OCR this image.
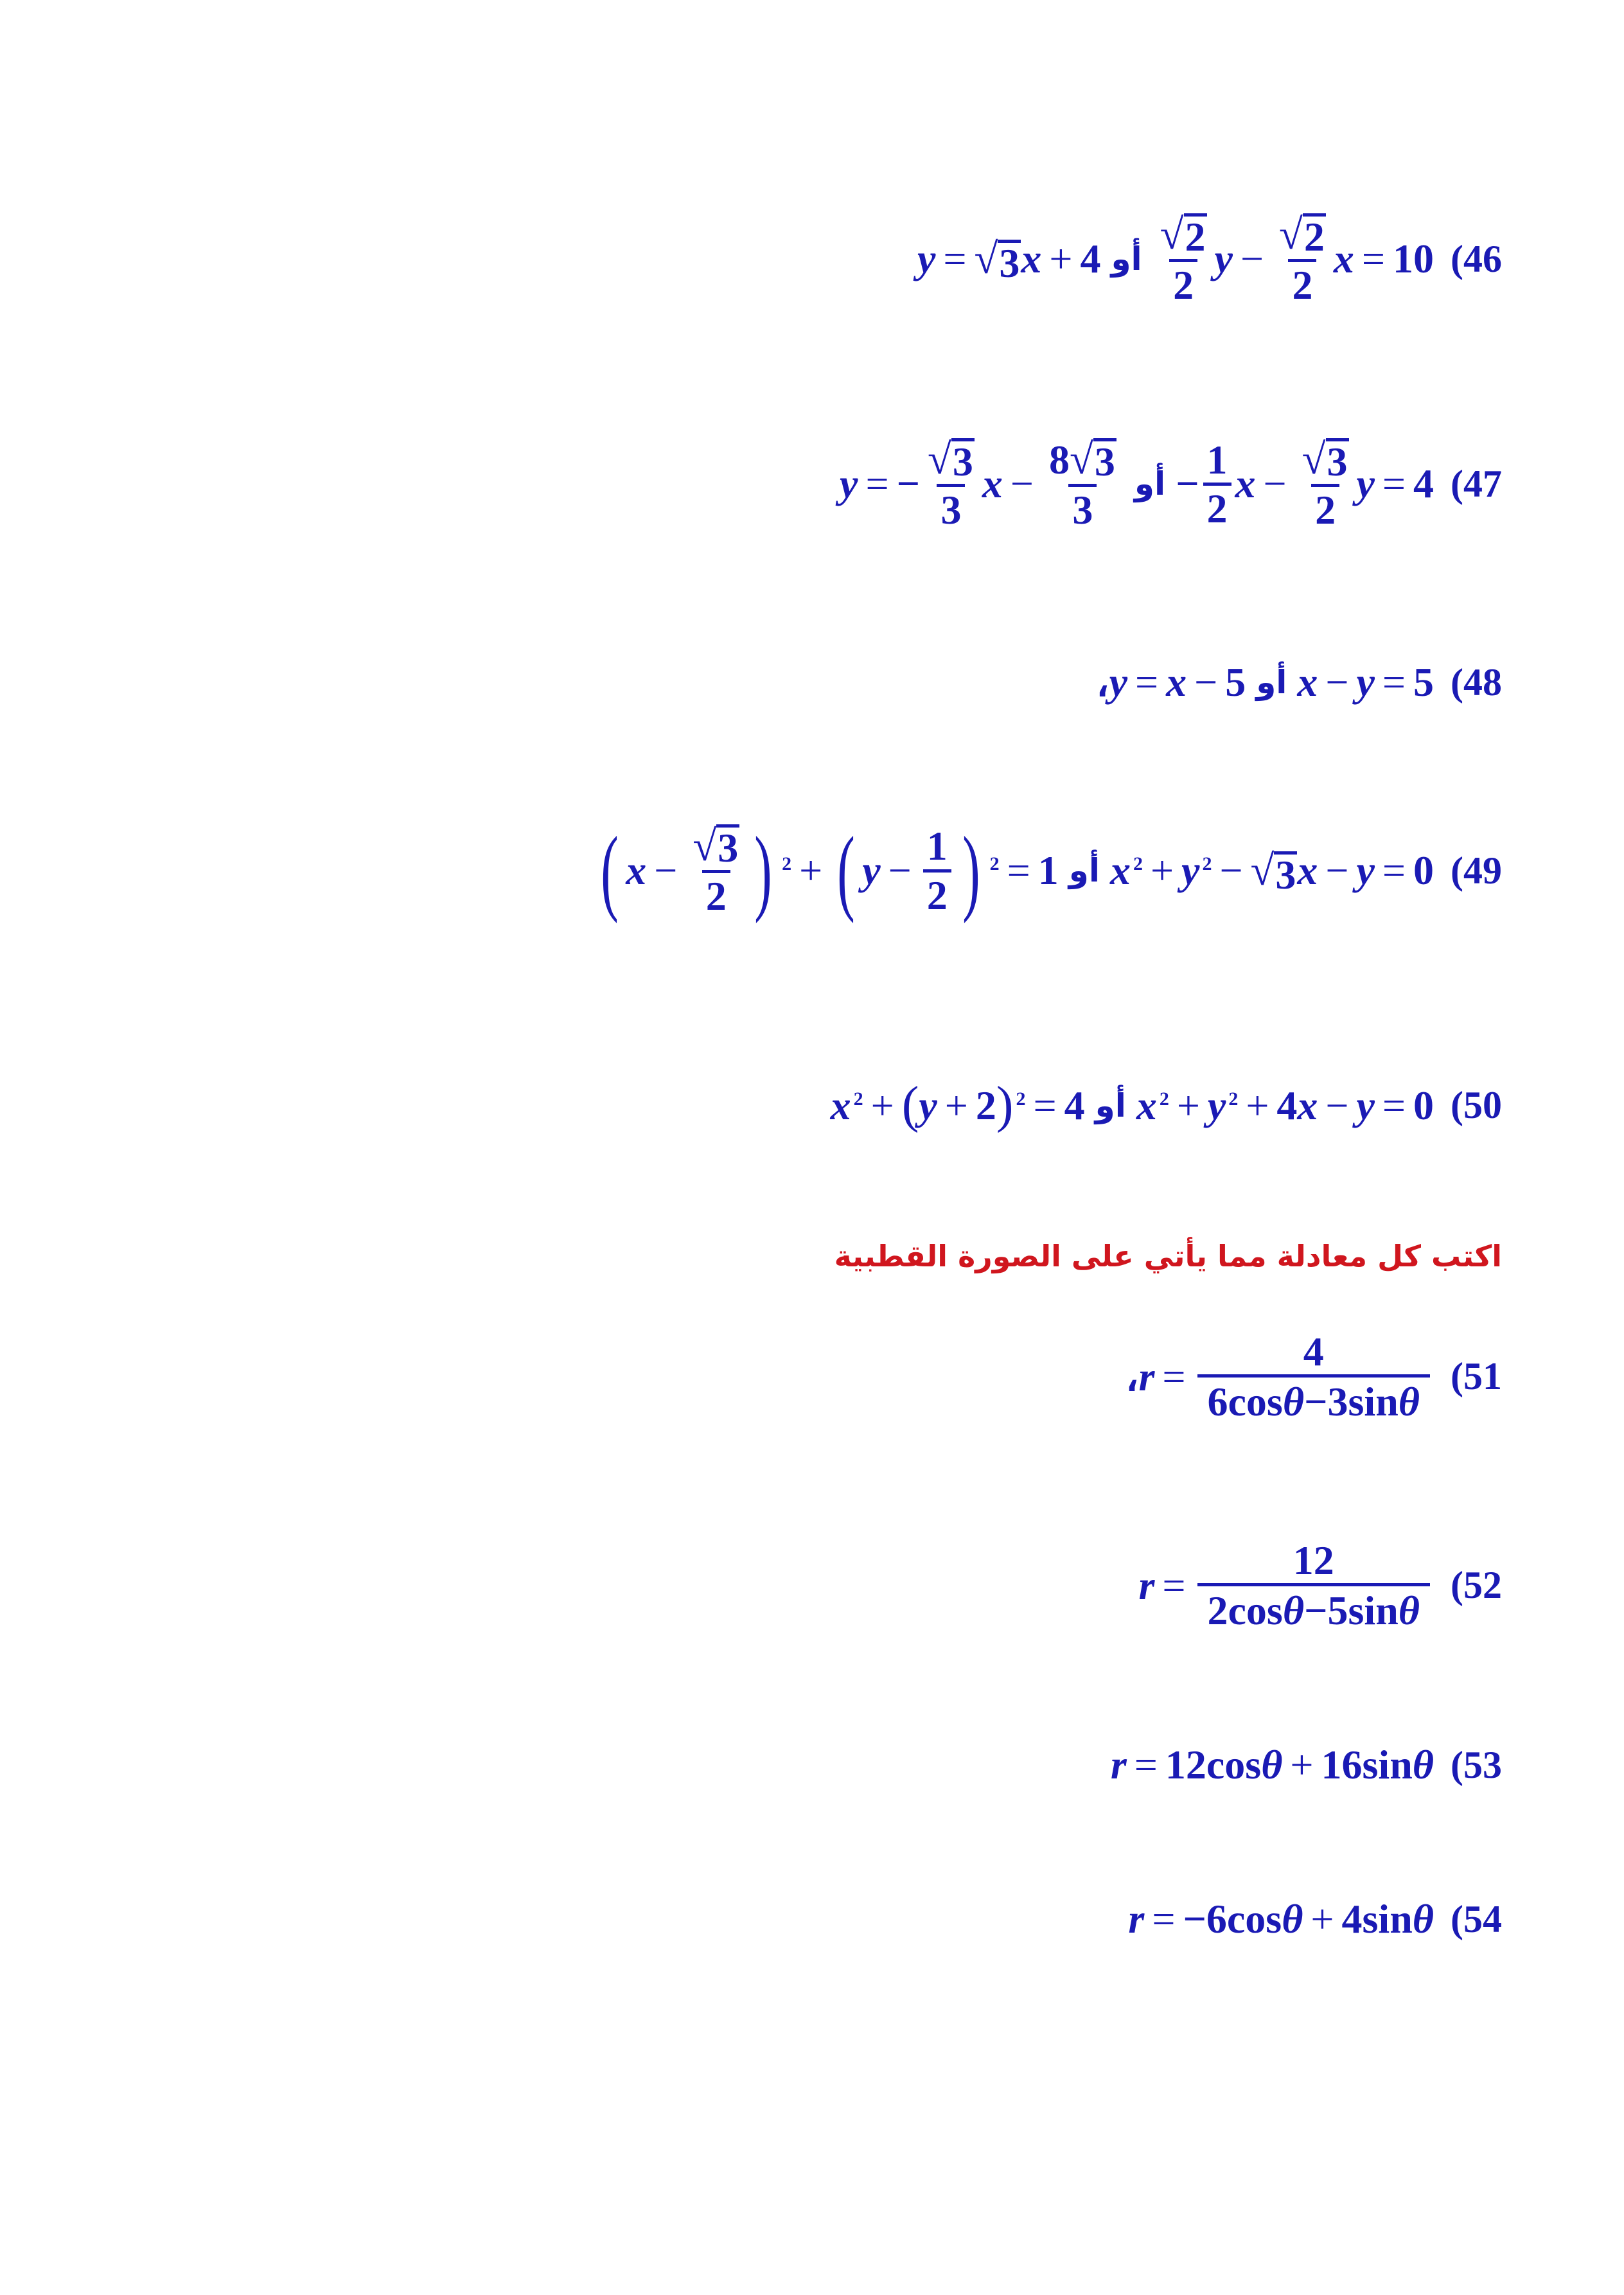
y = √ 3 x + 4 أو $\frac{√ 2}{2}$ $y - \frac{√ 2}{2}$ x = 10 (46
y = − $\frac{√ 3}{3}$ $x - \frac{8 √ 3}{3}$ أو − $\frac{1}{2}$ $x - \frac{√ 3}{2}$ y = 4 (47
، y = x − 5 أو x − y = 5 (48
( $x - \frac{√ 3}{2}$ ) $^2$ + ( $y - \frac{1}{2}$ ) $^2$ = 1 أو $x^2 + y^2$ − √ 3 x − y = 0 (49
$x^2$ + ( y + 2 )$^2$ = 4 أو $x^2 + y^2 + 4$ x − y = 0 (50
اكتب كل معادلة مما يأتي على الصورة القطبية
، $r = \frac{4}{6\cos\theta-3\sin\theta} (51$
$r = \frac{12}{2\cos\theta-5\sin\theta} (52$
r = 12cos θ + 16sin θ (53
r = −6cos θ + 4sin θ (54
